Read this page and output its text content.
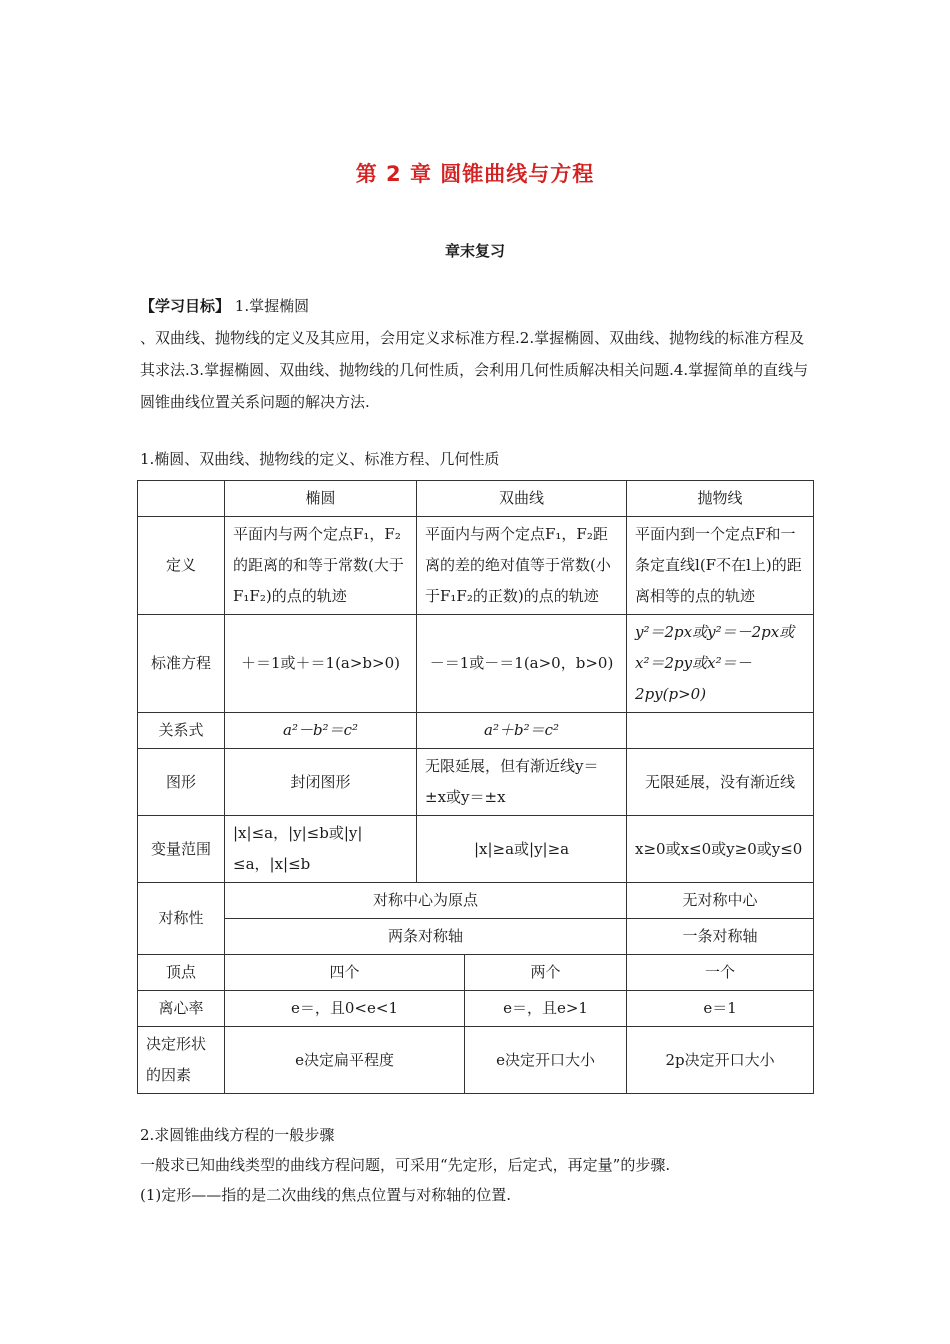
第 2 章 圆锥曲线与方程
章末复习
【学习目标】 1.掌握椭圆
、双曲线、抛物线的定义及其应用，会用定义求标准方程.2.掌握椭圆、双曲线、抛物线的标准方程及其求法.3.掌握椭圆、双曲线、抛物线的几何性质，会利用几何性质解决相关问题.4.掌握简单的直线与圆锥曲线位置关系问题的解决方法.
1.椭圆、双曲线、抛物线的定义、标准方程、几何性质
	椭圆	双曲线		抛物线
定义	平面内与两个定点F₁，F₂的距离的和等于常数(大于F₁F₂)的点的轨迹	平面内与两个定点F₁，F₂距离的差的绝对值等于常数(小于F₁F₂的正数)的点的轨迹		平面内到一个定点F和一条定直线l(F不在l上)的距离相等的点的轨迹
标准方程	＋＝1或＋＝1(a>b>0)	－＝1或－＝1(a>0，b>0)		y²＝2px或y²＝－2px或x²＝2py或x²＝－2py(p>0)
关系式	a²－b²＝c²	a²＋b²＝c²		
图形	封闭图形	无限延展，但有渐近线y＝±x或y＝±x		无限延展，没有渐近线
变量范围	|x|≤a，|y|≤b或|y|≤a，|x|≤b	|x|≥a或|y|≥a		x≥0或x≤0或y≥0或y≤0
对称性	对称中心为原点			无对称中心
	两条对称轴			一条对称轴
顶点	四个		两个	一个
离心率	e＝，且0<e<1		e＝，且e>1	e＝1
决定形状的因素	e决定扁平程度		e决定开口大小	2p决定开口大小
2.求圆锥曲线方程的一般步骤
一般求已知曲线类型的曲线方程问题，可采用“先定形，后定式，再定量”的步骤.
(1)定形——指的是二次曲线的焦点位置与对称轴的位置.
